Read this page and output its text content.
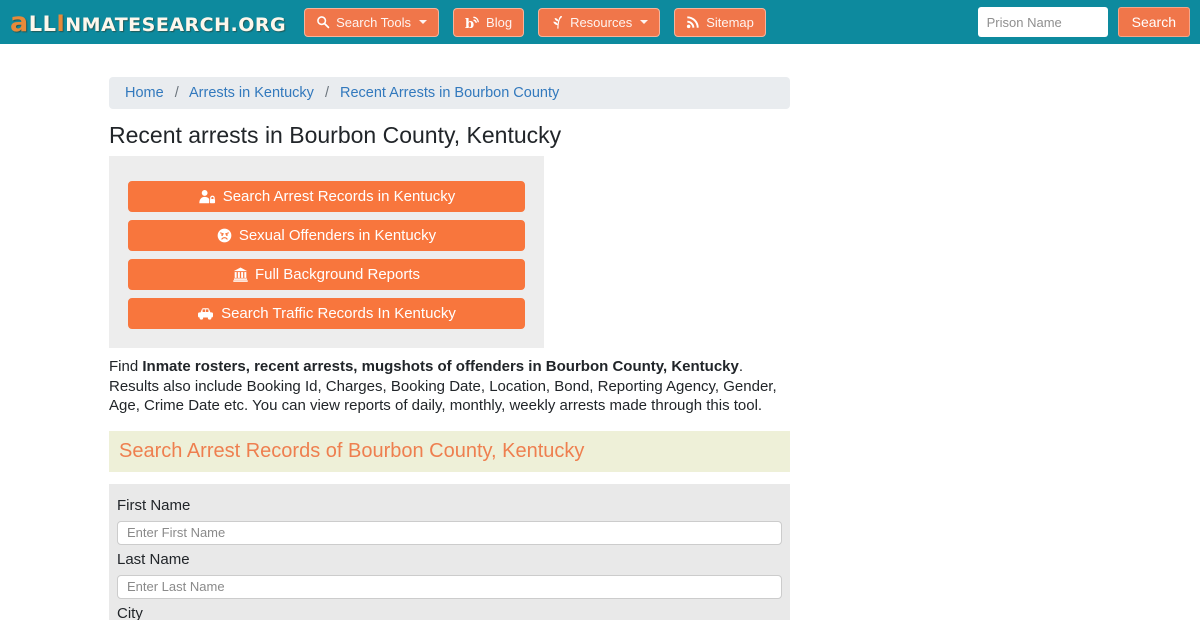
a LL I NMATESEARCH.ORG	Search Tools	b Blog	Resources	Sitemap
Prison Name	Search
Home / Arrests in Kentucky / Recent Arrests in Bourbon County
Recent arrests in Bourbon County, Kentucky
Search Arrest Records in Kentucky
Sexual Offenders in Kentucky
Full Background Reports
Search Traffic Records In Kentucky

Find Inmate rosters, recent arrests, mugshots of offenders in Bourbon County, Kentucky. Results also include Booking Id, Charges, Booking Date, Location, Bond, Reporting Agency, Gender, Age, Crime Date etc. You can view reports of daily, monthly, weekly arrests made through this tool.

Search Arrest Records of Bourbon County, Kentucky
First Name
Enter First Name
Last Name
Enter Last Name
City
